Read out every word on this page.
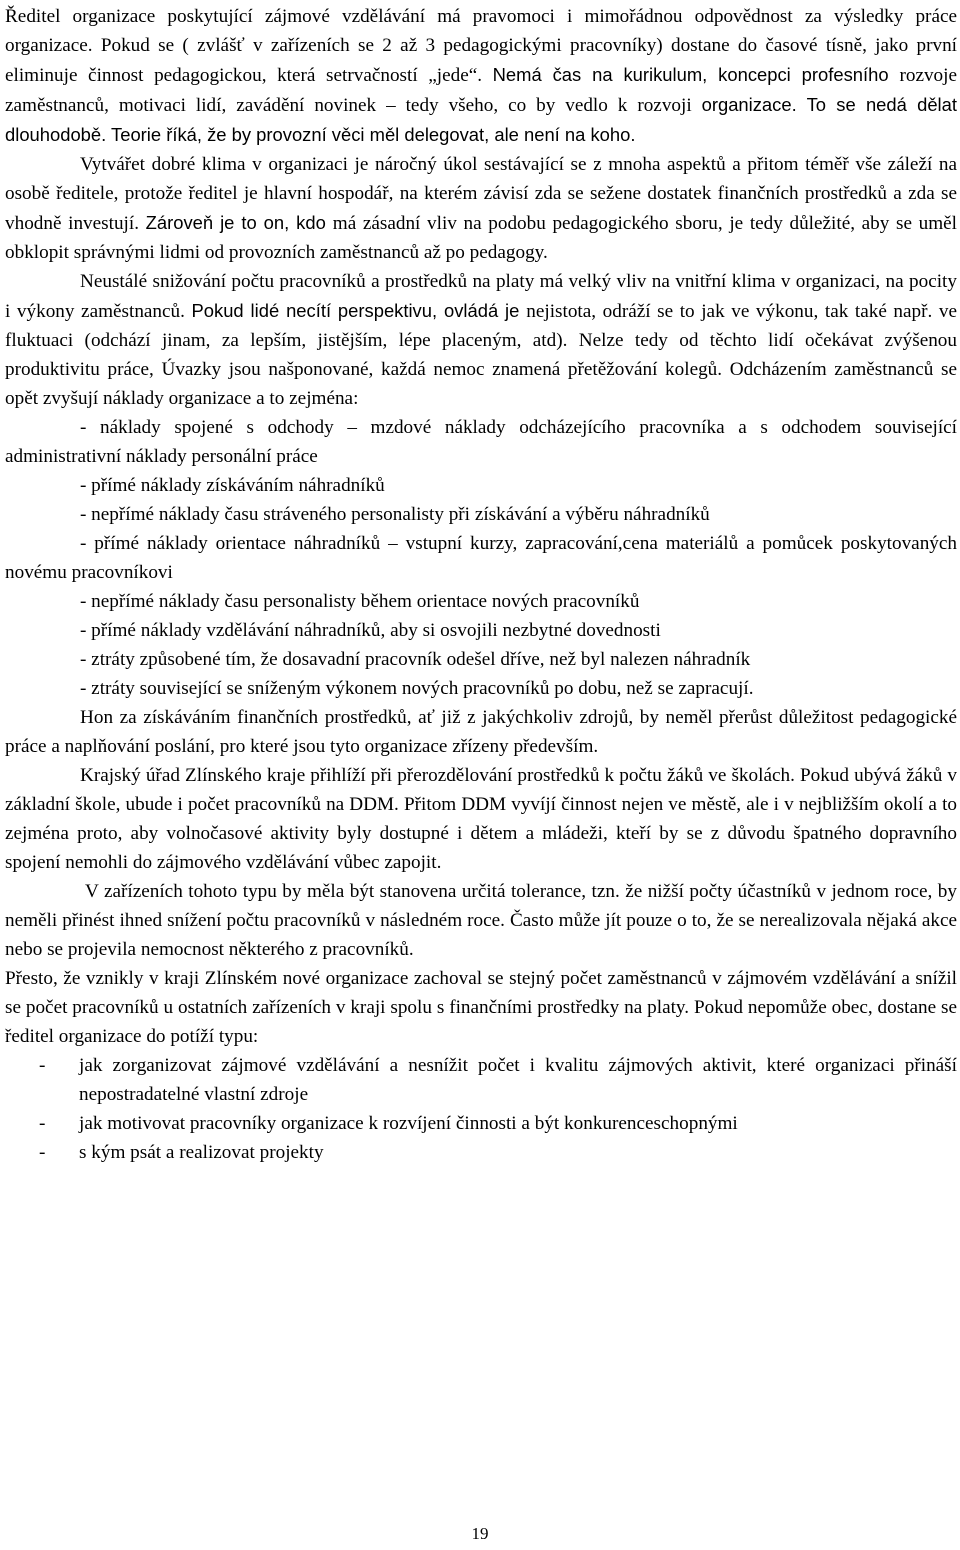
Ředitel organizace poskytující zájmové vzdělávání má pravomoci i mimořádnou odpovědnost za výsledky práce organizace. Pokud se ( zvlášť v zařízeních se 2 až 3 pedagogickými pracovníky) dostane do časové tísně, jako první eliminuje činnost pedagogickou, která setrvačností „jede“. Nemá čas na kurikulum, koncepci profesního rozvoje zaměstnanců, motivaci lidí, zavádění novinek – tedy všeho, co by vedlo k rozvoji organizace. To se nedá dělat dlouhodobě. Teorie říká, že by provozní věci měl delegovat, ale není na koho.

Vytvářet dobré klima v organizaci je náročný úkol sestávající se z mnoha aspektů a přitom téměř vše záleží na osobě ředitele, protože ředitel je hlavní hospodář, na kterém závisí zda se sežene dostatek finančních prostředků a zda se vhodně investují. Zároveň je to on, kdo má zásadní vliv na podobu pedagogického sboru, je tedy důležité, aby se uměl obklopit správnými lidmi od provozních zaměstnanců až po pedagogy.

Neustálé snižování počtu pracovníků a prostředků na platy má velký vliv na vnitřní klima v organizaci, na pocity i výkony zaměstnanců. Pokud lidé necítí perspektivu, ovládá je nejistota, odráží se to jak ve výkonu, tak také např. ve fluktuaci (odchází jinam, za lepším, jistějším, lépe placeným, atd). Nelze tedy od těchto lidí očekávat zvýšenou produktivitu práce, Úvazky jsou našponované, každá nemoc znamená přetěžování kolegů. Odcházením zaměstnanců se opět zvyšují náklady organizace a to zejména:

- náklady spojené s odchody – mzdové náklady odcházejícího pracovníka a s odchodem související administrativní náklady personální práce

- přímé náklady získáváním náhradníků

- nepřímé náklady času stráveného personalisty při získávání a výběru náhradníků

- přímé náklady orientace náhradníků – vstupní kurzy, zapracování,cena materiálů a pomůcek poskytovaných novému pracovníkovi

- nepřímé náklady času personalisty během orientace nových pracovníků

- přímé náklady vzdělávání náhradníků, aby si osvojili nezbytné dovednosti

- ztráty způsobené tím, že dosavadní pracovník odešel dříve, než byl nalezen náhradník

- ztráty související se sníženým výkonem nových pracovníků po dobu, než se zapracují.

Hon za získáváním finančních prostředků, ať již z jakýchkoliv zdrojů, by neměl přerůst důležitost pedagogické práce a naplňování poslání, pro které jsou tyto organizace zřízeny především.

Krajský úřad Zlínského kraje přihlíží při přerozdělování prostředků k počtu žáků ve školách. Pokud ubývá žáků v základní škole, ubude i počet pracovníků na DDM. Přitom DDM vyvíjí činnost nejen ve městě, ale i v nejbližším okolí a to zejména proto, aby volnočasové aktivity byly dostupné i dětem a mládeži, kteří by se z důvodu špatného dopravního spojení nemohli do zájmového vzdělávání vůbec zapojit.

V zařízeních tohoto typu by měla být stanovena určitá tolerance, tzn. že nižší počty účastníků v jednom roce, by neměli přinést ihned snížení počtu pracovníků v následném roce. Často může jít pouze o to, že se nerealizovala nějaká akce nebo se projevila nemocnost některého z pracovníků.

Přesto, že vznikly v kraji Zlínském nové organizace zachoval se stejný počet zaměstnanců v zájmovém vzdělávání a snížil se počet pracovníků u ostatních zařízeních v kraji spolu s finančními prostředky na platy. Pokud nepomůže obec, dostane se ředitel organizace do potíží typu:

- jak zorganizovat zájmové vzdělávání a nesnížit počet i kvalitu zájmových aktivit, které organizaci přináší nepostradatelné vlastní zdroje
- jak motivovat pracovníky organizace k rozvíjení činnosti a být konkurenceschopnými
- s kým psát a realizovat projekty
19
